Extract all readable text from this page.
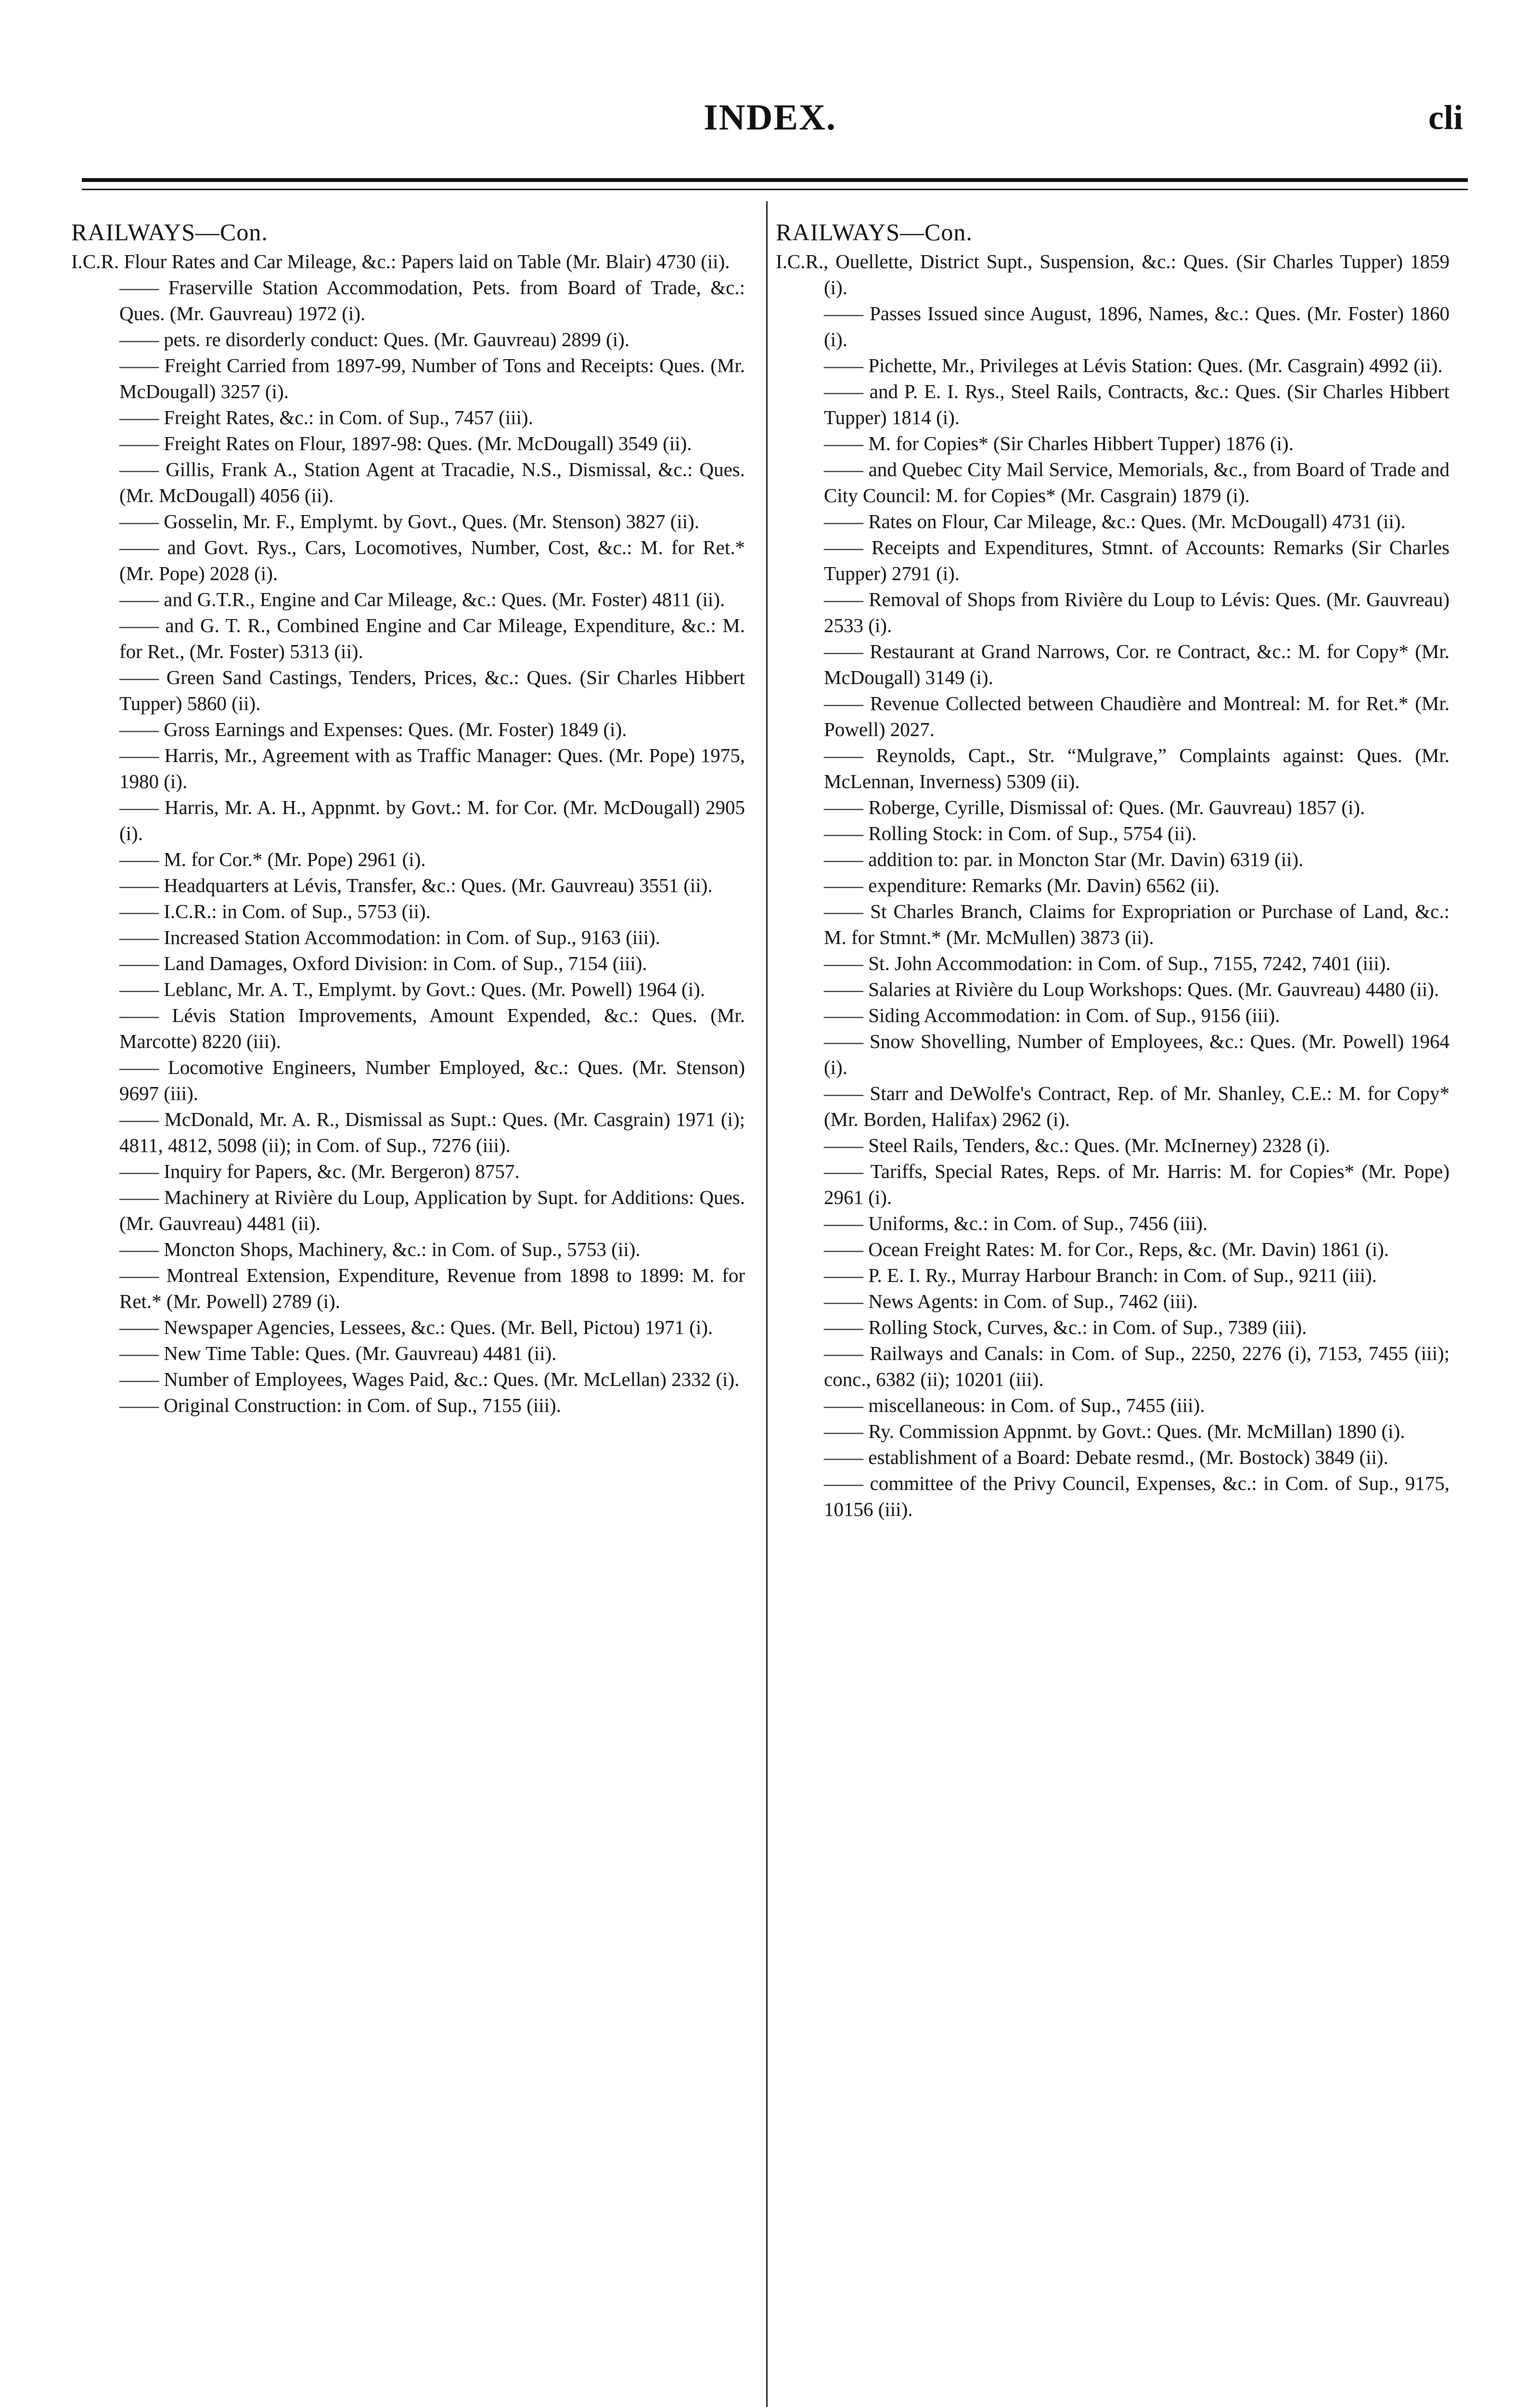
INDEX.	cli
RAILWAYS—Con.

I.C.R. Flour Rates and Car Mileage, &c.: Papers laid on Table (Mr. Blair) 4730 (ii).

—— Fraserville Station Accommodation, Pets. from Board of Trade, &c.: Ques. (Mr. Gauvreau) 1972 (i).

—— pets. re disorderly conduct: Ques. (Mr. Gauvreau) 2899 (i).

—— Freight Carried from 1897-99, Number of Tons and Receipts: Ques. (Mr. McDougall) 3257 (i).

—— Freight Rates, &c.: in Com. of Sup., 7457 (iii).

—— Freight Rates on Flour, 1897-98: Ques. (Mr. McDougall) 3549 (ii).

—— Gillis, Frank A., Station Agent at Tracadie, N.S., Dismissal, &c.: Ques. (Mr. McDougall) 4056 (ii).

—— Gosselin, Mr. F., Emplymt. by Govt., Ques. (Mr. Stenson) 3827 (ii).

—— and Govt. Rys., Cars, Locomotives, Number, Cost, &c.: M. for Ret.* (Mr. Pope) 2028 (i).

—— and G.T.R., Engine and Car Mileage, &c.: Ques. (Mr. Foster) 4811 (ii).

—— and G. T. R., Combined Engine and Car Mileage, Expenditure, &c.: M. for Ret., (Mr. Foster) 5313 (ii).

—— Green Sand Castings, Tenders, Prices, &c.: Ques. (Sir Charles Hibbert Tupper) 5860 (ii).

—— Gross Earnings and Expenses: Ques. (Mr. Foster) 1849 (i).

—— Harris, Mr., Agreement with as Traffic Manager: Ques. (Mr. Pope) 1975, 1980 (i).

—— Harris, Mr. A. H., Appnmt. by Govt.: M. for Cor. (Mr. McDougall) 2905 (i).

—— M. for Cor.* (Mr. Pope) 2961 (i).

—— Headquarters at Lévis, Transfer, &c.: Ques. (Mr. Gauvreau) 3551 (ii).

—— I.C.R.: in Com. of Sup., 5753 (ii).

—— Increased Station Accommodation: in Com. of Sup., 9163 (iii).

—— Land Damages, Oxford Division: in Com. of Sup., 7154 (iii).

—— Leblanc, Mr. A. T., Emplymt. by Govt.: Ques. (Mr. Powell) 1964 (i).

—— Lévis Station Improvements, Amount Expended, &c.: Ques. (Mr. Marcotte) 8220 (iii).

—— Locomotive Engineers, Number Employed, &c.: Ques. (Mr. Stenson) 9697 (iii).

—— McDonald, Mr. A. R., Dismissal as Supt.: Ques. (Mr. Casgrain) 1971 (i); 4811, 4812, 5098 (ii); in Com. of Sup., 7276 (iii).

—— Inquiry for Papers, &c. (Mr. Bergeron) 8757.

—— Machinery at Rivière du Loup, Application by Supt. for Additions: Ques. (Mr. Gauvreau) 4481 (ii).

—— Moncton Shops, Machinery, &c.: in Com. of Sup., 5753 (ii).

—— Montreal Extension, Expenditure, Revenue from 1898 to 1899: M. for Ret.* (Mr. Powell) 2789 (i).

—— Newspaper Agencies, Lessees, &c.: Ques. (Mr. Bell, Pictou) 1971 (i).

—— New Time Table: Ques. (Mr. Gauvreau) 4481 (ii).

—— Number of Employees, Wages Paid, &c.: Ques. (Mr. McLellan) 2332 (i).

—— Original Construction: in Com. of Sup., 7155 (iii).

RAILWAYS—Con.

I.C.R., Ouellette, District Supt., Suspension, &c.: Ques. (Sir Charles Tupper) 1859 (i).

—— Passes Issued since August, 1896, Names, &c.: Ques. (Mr. Foster) 1860 (i).

—— Pichette, Mr., Privileges at Lévis Station: Ques. (Mr. Casgrain) 4992 (ii).

—— and P. E. I. Rys., Steel Rails, Contracts, &c.: Ques. (Sir Charles Hibbert Tupper) 1814 (i).

—— M. for Copies* (Sir Charles Hibbert Tupper) 1876 (i).

—— and Quebec City Mail Service, Memorials, &c., from Board of Trade and City Council: M. for Copies* (Mr. Casgrain) 1879 (i).

—— Rates on Flour, Car Mileage, &c.: Ques. (Mr. McDougall) 4731 (ii).

—— Receipts and Expenditures, Stmnt. of Accounts: Remarks (Sir Charles Tupper) 2791 (i).

—— Removal of Shops from Rivière du Loup to Lévis: Ques. (Mr. Gauvreau) 2533 (i).

—— Restaurant at Grand Narrows, Cor. re Contract, &c.: M. for Copy* (Mr. McDougall) 3149 (i).

—— Revenue Collected between Chaudière and Montreal: M. for Ret.* (Mr. Powell) 2027.

—— Reynolds, Capt., Str. “Mulgrave,” Complaints against: Ques. (Mr. McLennan, Inverness) 5309 (ii).

—— Roberge, Cyrille, Dismissal of: Ques. (Mr. Gauvreau) 1857 (i).

—— Rolling Stock: in Com. of Sup., 5754 (ii).

—— addition to: par. in Moncton Star (Mr. Davin) 6319 (ii).

—— expenditure: Remarks (Mr. Davin) 6562 (ii).

—— St Charles Branch, Claims for Expropriation or Purchase of Land, &c.: M. for Stmnt.* (Mr. McMullen) 3873 (ii).

—— St. John Accommodation: in Com. of Sup., 7155, 7242, 7401 (iii).

—— Salaries at Rivière du Loup Workshops: Ques. (Mr. Gauvreau) 4480 (ii).

—— Siding Accommodation: in Com. of Sup., 9156 (iii).

—— Snow Shovelling, Number of Employees, &c.: Ques. (Mr. Powell) 1964 (i).

—— Starr and DeWolfe's Contract, Rep. of Mr. Shanley, C.E.: M. for Copy* (Mr. Borden, Halifax) 2962 (i).

—— Steel Rails, Tenders, &c.: Ques. (Mr. McInerney) 2328 (i).

—— Tariffs, Special Rates, Reps. of Mr. Harris: M. for Copies* (Mr. Pope) 2961 (i).

—— Uniforms, &c.: in Com. of Sup., 7456 (iii).

—— Ocean Freight Rates: M. for Cor., Reps, &c. (Mr. Davin) 1861 (i).

—— P. E. I. Ry., Murray Harbour Branch: in Com. of Sup., 9211 (iii).

—— News Agents: in Com. of Sup., 7462 (iii).

—— Rolling Stock, Curves, &c.: in Com. of Sup., 7389 (iii).

—— Railways and Canals: in Com. of Sup., 2250, 2276 (i), 7153, 7455 (iii); conc., 6382 (ii); 10201 (iii).

—— miscellaneous: in Com. of Sup., 7455 (iii).

—— Ry. Commission Appnmt. by Govt.: Ques. (Mr. McMillan) 1890 (i).

—— establishment of a Board: Debate resmd., (Mr. Bostock) 3849 (ii).

—— committee of the Privy Council, Expenses, &c.: in Com. of Sup., 9175, 10156 (iii).
